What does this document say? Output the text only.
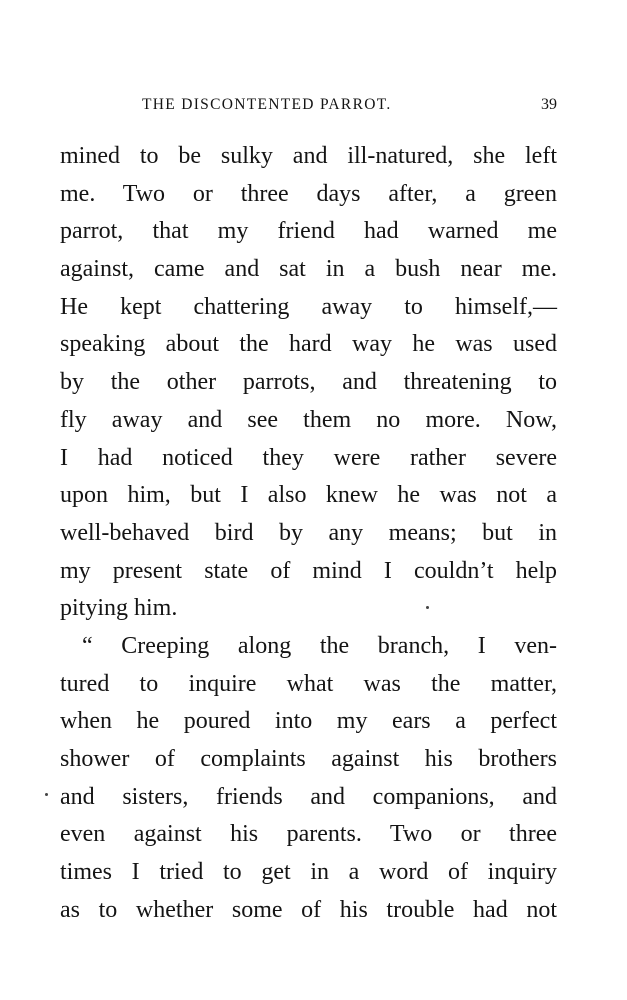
THE DISCONTENTED PARROT.	39
mined to be sulky and ill-natured, she left
me. Two or three days after, a green
parrot, that my friend had warned me
against, came and sat in a bush near me.
He kept chattering away to himself,—
speaking about the hard way he was used
by the other parrots, and threatening to
fly away and see them no more. Now,
I had noticed they were rather severe
upon him, but I also knew he was not a
well-behaved bird by any means; but in
my present state of mind I couldn’t help
pitying him.
“ Creeping along the branch, I ven-
tured to inquire what was the matter,
when he poured into my ears a perfect
shower of complaints against his brothers
and sisters, friends and companions, and
even against his parents. Two or three
times I tried to get in a word of inquiry
as to whether some of his trouble had not
